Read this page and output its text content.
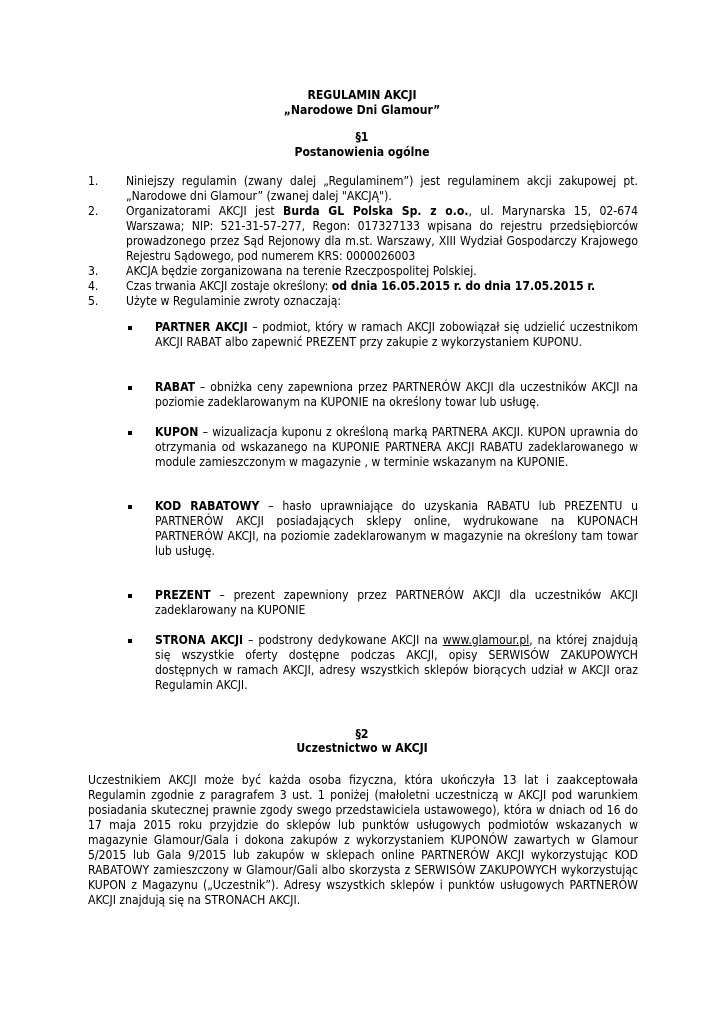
REGULAMIN AKCJI
„Narodowe Dni Glamour”
§1
Postanowienia ogólne
1. Niniejszy regulamin (zwany dalej „Regulaminem”) jest regulaminem akcji zakupowej pt. „Narodowe dni Glamour” (zwanej dalej "AKCJĄ").
2. Organizatorami AKCJI jest Burda GL Polska Sp. z o.o., ul. Marynarska 15, 02-674 Warszawa; NIP: 521-31-57-277, Regon: 017327133 wpisana do rejestru przedsiębiorców prowadzonego przez Sąd Rejonowy dla m.st. Warszawy, XIII Wydział Gospodarczy Krajowego Rejestru Sądowego, pod numerem KRS: 0000026003
3. AKCJA będzie zorganizowana na terenie Rzeczpospolitej Polskiej.
4. Czas trwania AKCJI zostaje określony: od dnia 16.05.2015 r. do dnia 17.05.2015 r.
5. Użyte w Regulaminie zwroty oznaczają:
PARTNER AKCJI – podmiot, który w ramach AKCJI zobowiązał się udzielić uczestnikom AKCJI RABAT albo zapewnić PREZENT przy zakupie z wykorzystaniem KUPONU.
RABAT – obniżka ceny zapewniona przez PARTNERÓW AKCJI dla uczestników AKCJI na poziomie zadeklarowanym na KUPONIE na określony towar lub usługę.
KUPON – wizualizacja kuponu z określoną marką PARTNERA AKCJI. KUPON uprawnia do otrzymania od wskazanego na KUPONIE PARTNERA AKCJI RABATU zadeklarowanego w module zamieszczonym w magazynie , w terminie wskazanym na KUPONIE.
KOD RABATOWY – hasło uprawniające do uzyskania RABATU lub PREZENTU u PARTNERÓW AKCJI posiadających sklepy online, wydrukowane na KUPONACH PARTNERÓW AKCJI, na poziomie zadeklarowanym w magazynie na określony tam towar lub usługę.
PREZENT – prezent zapewniony przez PARTNERÓW AKCJI dla uczestników AKCJI zadeklarowany na KUPONIE
STRONA AKCJI – podstrony dedykowane AKCJI na www.glamour.pl, na której znajdują się wszystkie oferty dostępne podczas AKCJI, opisy SERWISÓW ZAKUPOWYCH dostępnych w ramach AKCJI, adresy wszystkich sklepów biorących udział w AKCJI oraz Regulamin AKCJI.
§2
Uczestnictwo w AKCJI

Uczestnikiem AKCJI może być każda osoba fizyczna, która ukończyła 13 lat i zaakceptowała Regulamin zgodnie z paragrafem 3 ust. 1 poniżej (małoletni uczestniczą w AKCJI pod warunkiem posiadania skutecznej prawnie zgody swego przedstawiciela ustawowego), która w dniach od 16 do 17 maja 2015 roku przyjdzie do sklepów lub punktów usługowych podmiotów wskazanych w magazynie Glamour/Gala i dokona zakupów z wykorzystaniem KUPONÓW zawartych w Glamour 5/2015 lub Gala 9/2015 lub zakupów w sklepach online PARTNERÓW AKCJI wykorzystując KOD RABATOWY zamieszczony w Glamour/Gali albo skorzysta z SERWISÓW ZAKUPOWYCH wykorzystując KUPON z Magazynu („Uczestnik”). Adresy wszystkich sklepów i punktów usługowych PARTNERÓW AKCJI znajdują się na STRONACH AKCJI.
